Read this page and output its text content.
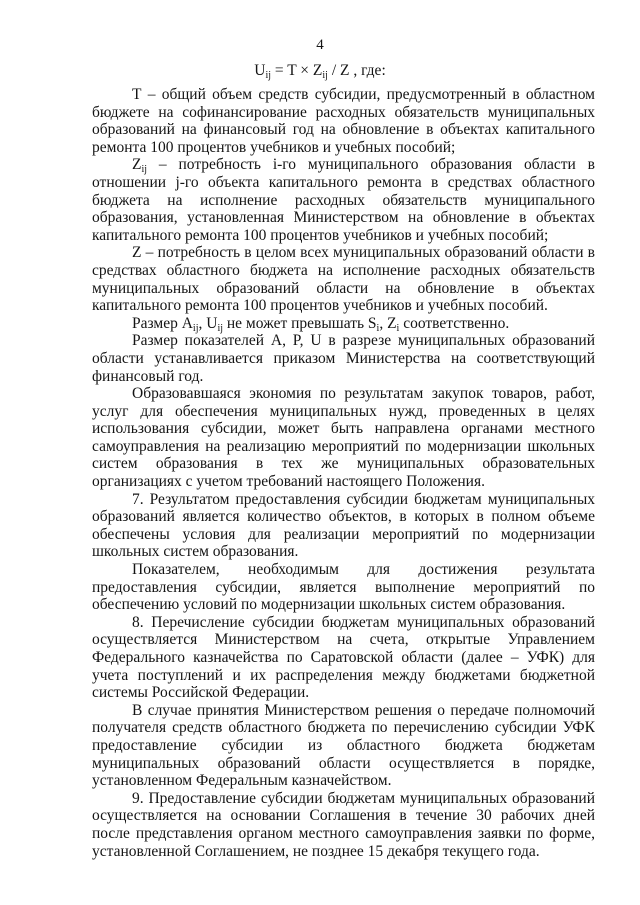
4
$U_{ij} = T \times Z_{ij} / Z$ , где:

Т – общий объем средств субсидии, предусмотренный в областном бюджете на софинансирование расходных обязательств муниципальных образований на финансовый год на обновление в объектах капитального ремонта 100 процентов учебников и учебных пособий;

$Z_{ij}$ – потребность i-го муниципального образования области в отношении j-го объекта капитального ремонта в средствах областного бюджета на исполнение расходных обязательств муниципального образования, установленная Министерством на обновление в объектах капитального ремонта 100 процентов учебников и учебных пособий;

Z – потребность в целом всех муниципальных образований области в средствах областного бюджета на исполнение расходных обязательств муниципальных образований области на обновление в объектах капитального ремонта 100 процентов учебников и учебных пособий.

Размер $A_{ij}$, $U_{ij}$ не может превышать $S_i$, $Z_i$ соответственно.

Размер показателей A, P, U в разрезе муниципальных образований области устанавливается приказом Министерства на соответствующий финансовый год.

Образовавшаяся экономия по результатам закупок товаров, работ, услуг для обеспечения муниципальных нужд, проведенных в целях использования субсидии, может быть направлена органами местного самоуправления на реализацию мероприятий по модернизации школьных систем образования в тех же муниципальных образовательных организациях с учетом требований настоящего Положения.

7. Результатом предоставления субсидии бюджетам муниципальных образований является количество объектов, в которых в полном объеме обеспечены условия для реализации мероприятий по модернизации школьных систем образования.

Показателем, необходимым для достижения результата предоставления субсидии, является выполнение мероприятий по обеспечению условий по модернизации школьных систем образования.

8. Перечисление субсидии бюджетам муниципальных образований осуществляется Министерством на счета, открытые Управлением Федерального казначейства по Саратовской области (далее – УФК) для учета поступлений и их распределения между бюджетами бюджетной системы Российской Федерации.

В случае принятия Министерством решения о передаче полномочий получателя средств областного бюджета по перечислению субсидии УФК предоставление субсидии из областного бюджета бюджетам муниципальных образований области осуществляется в порядке, установленном Федеральным казначейством.

9. Предоставление субсидии бюджетам муниципальных образований осуществляется на основании Соглашения в течение 30 рабочих дней после представления органом местного самоуправления заявки по форме, установленной Соглашением, не позднее 15 декабря текущего года.
